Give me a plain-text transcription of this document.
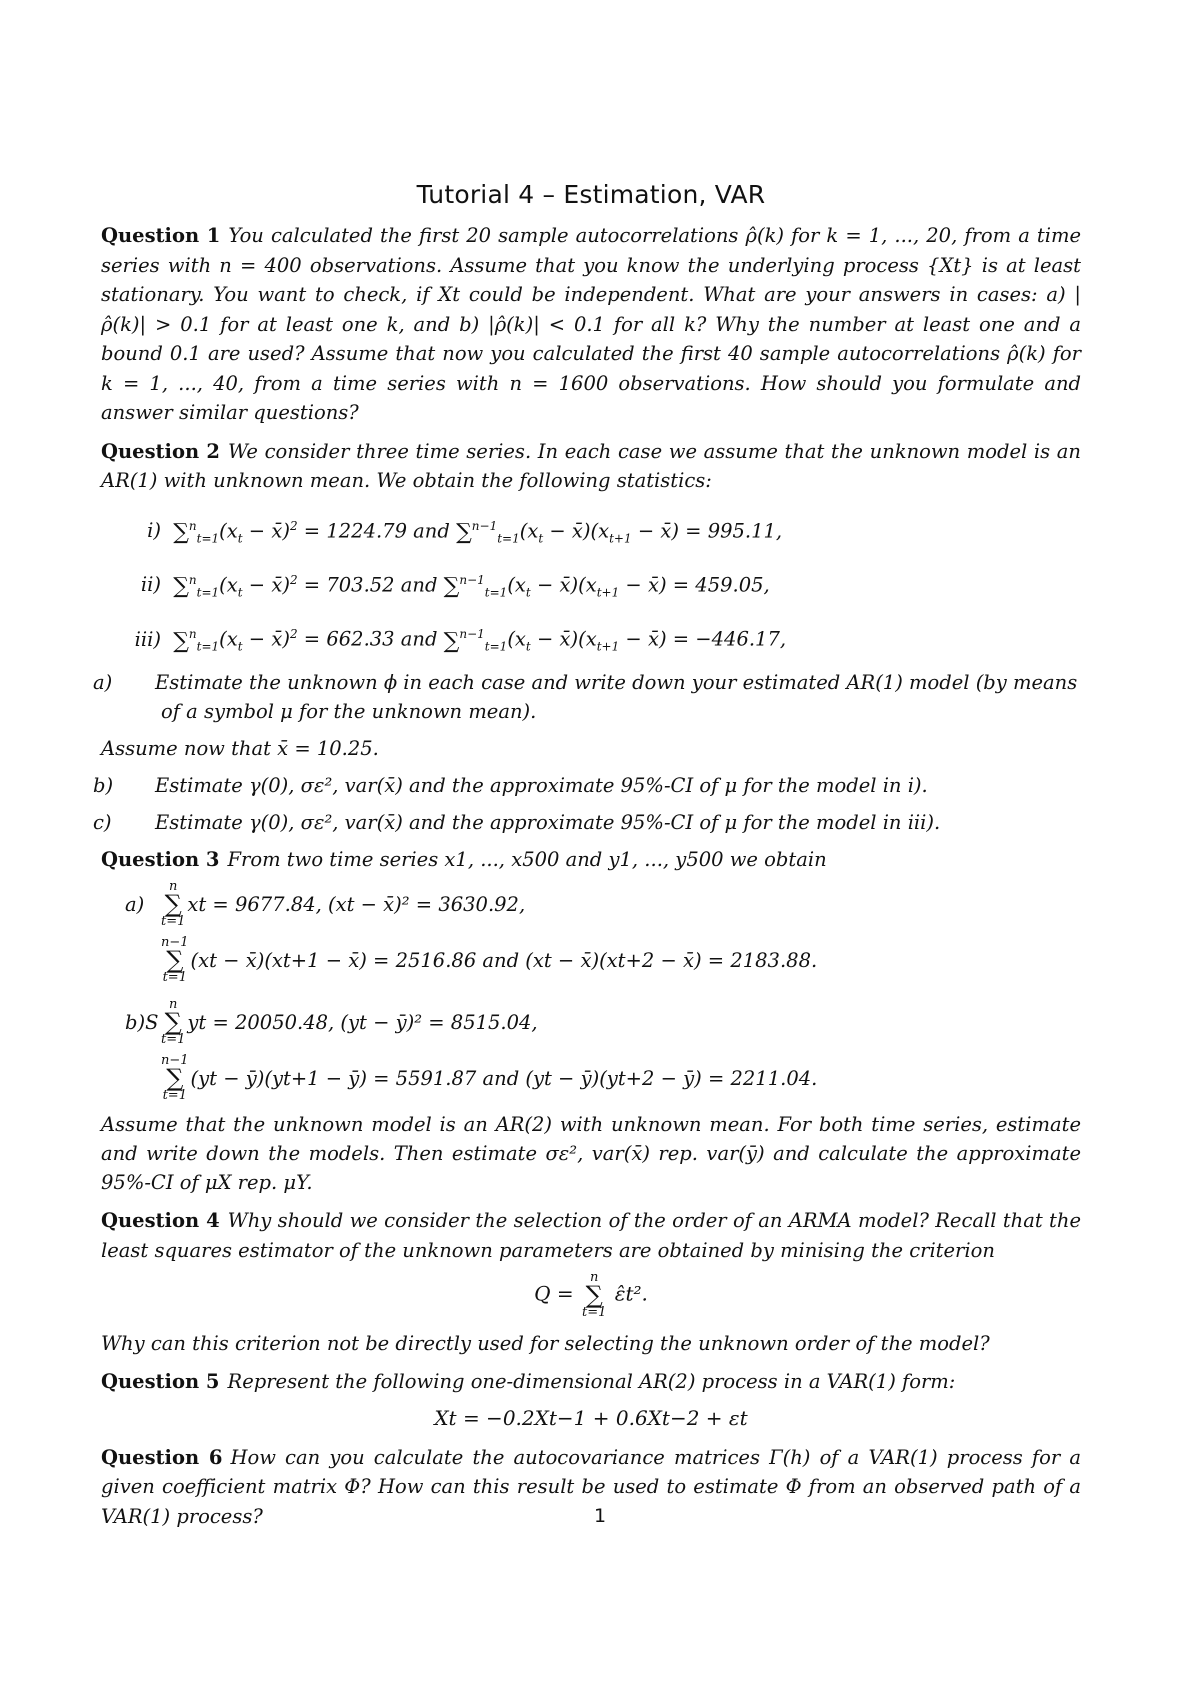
Tutorial 4 – Estimation, VAR

Question 1 You calculated the first 20 sample autocorrelations ρ̂(k) for k = 1, ..., 20, from a time series with n = 400 observations. Assume that you know the underlying process {Xt} is at least stationary. You want to check, if Xt could be independent. What are your answers in cases: a) |ρ̂(k)| > 0.1 for at least one k, and b) |ρ̂(k)| < 0.1 for all k? Why the number at least one and a bound 0.1 are used? Assume that now you calculated the first 40 sample autocorrelations ρ̂(k) for k = 1, ..., 40, from a time series with n = 1600 observations. How should you formulate and answer similar questions?

Question 2 We consider three time series. In each case we assume that the unknown model is an AR(1) with unknown mean. We obtain the following statistics:

i) $\sum^n_{t=1}(x_t$ − x̄)$^2$ = 1224.79 and $\sum^{n-1}_{t=1}(x_t$ − $x̄)(x_{t+1}$ − x̄) = 995.11,
ii) $\sum^n_{t=1}(x_t$ − x̄)$^2$ = 703.52 and $\sum^{n-1}_{t=1}(x_t$ − $x̄)(x_{t+1}$ − x̄) = 459.05,
iii) $\sum^n_{t=1}(x_t$ − x̄)$^2$ = 662.33 and $\sum^{n-1}_{t=1}(x_t$ − $x̄)(x_{t+1}$ − x̄) = −446.17,

a) Estimate the unknown ϕ in each case and write down your estimated AR(1) model (by means of a symbol μ for the unknown mean).

Assume now that x̄ = 10.25.

b) Estimate γ(0), σε², var(x̄) and the approximate 95%-CI of μ for the model in i).

c) Estimate γ(0), σε², var(x̄) and the approximate 95%-CI of μ for the model in iii).

Question 3 From two time series x1, ..., x500 and y1, ..., y500 we obtain

a)
n
∑
t=1
xt = 9677.84, (xt − x̄)² = 3630.92,
n−1
∑
t=1
(xt − x̄)(xt+1 − x̄) = 2516.86 and (xt − x̄)(xt+2 − x̄) = 2183.88.
b)S
n
∑
t=1
yt = 20050.48, (yt − ȳ)² = 8515.04,
n−1
∑
t=1
(yt − ȳ)(yt+1 − ȳ) = 5591.87 and (yt − ȳ)(yt+2 − ȳ) = 2211.04.

Assume that the unknown model is an AR(2) with unknown mean. For both time series, estimate and write down the models. Then estimate σε², var(x̄) rep. var(ȳ) and calculate the approximate 95%-CI of μX rep. μY.

Question 4 Why should we consider the selection of the order of an ARMA model? Recall that the least squares estimator of the unknown parameters are obtained by minising the criterion

Q =
n
∑
t=1
ε̂t².

Why can this criterion not be directly used for selecting the unknown order of the model?

Question 5 Represent the following one-dimensional AR(2) process in a VAR(1) form:

Xt = −0.2Xt−1 + 0.6Xt−2 + εt

Question 6 How can you calculate the autocovariance matrices Γ(h) of a VAR(1) process for a given coefficient matrix Φ? How can this result be used to estimate Φ from an observed path of a VAR(1) process?	1
